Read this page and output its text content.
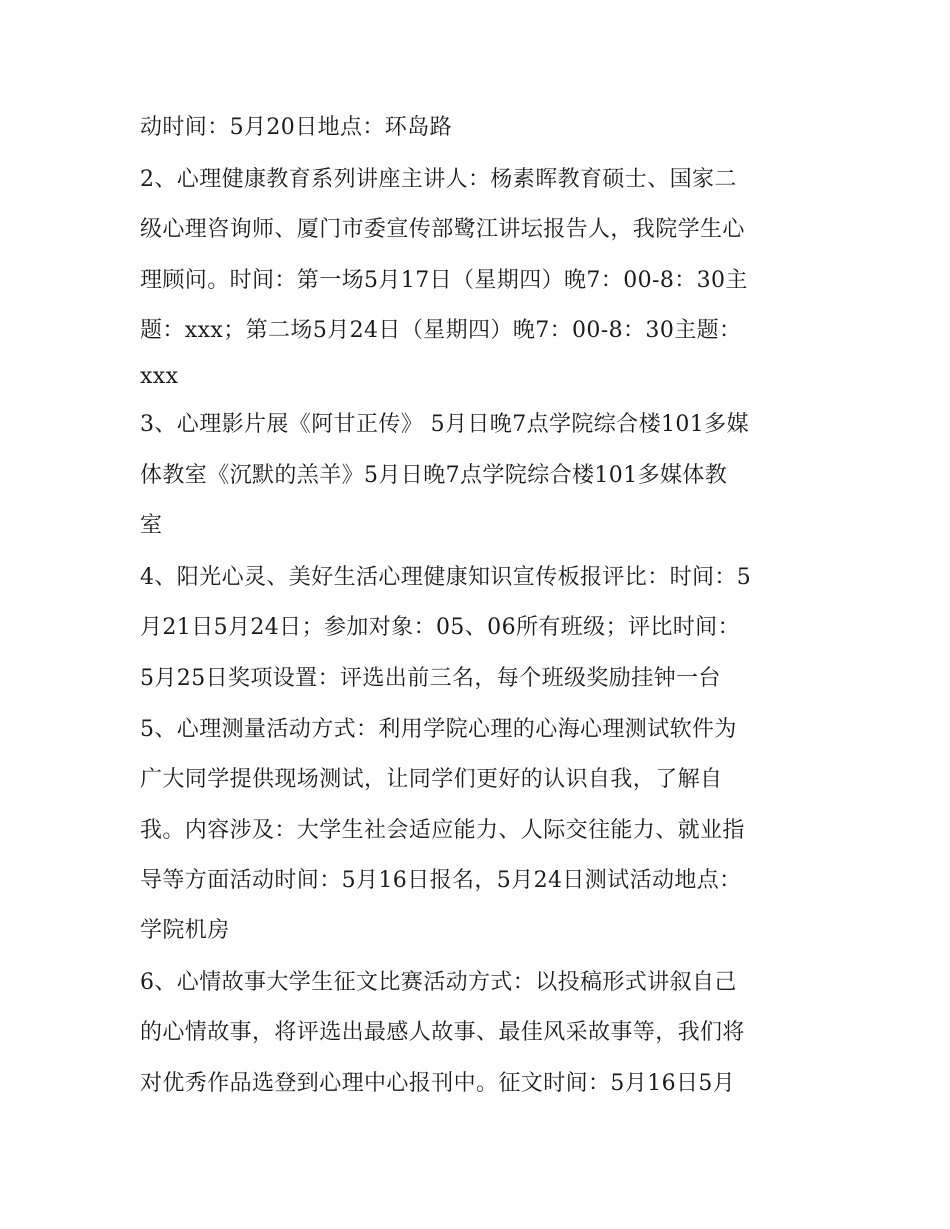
动时间：5月20日地点：环岛路

2、心理健康教育系列讲座主讲人：杨素晖教育硕士、国家二

级心理咨询师、厦门市委宣传部鹭江讲坛报告人，我院学生心

理顾问。时间：第一场5月17日（星期四）晚7：00-8：30主

题：xxx；第二场5月24日（星期四）晚7：00-8：30主题：

xxx

3、心理影片展《阿甘正传》 5月日晚7点学院综合楼101多媒

体教室《沉默的羔羊》5月日晚7点学院综合楼101多媒体教

室

4、阳光心灵、美好生活心理健康知识宣传板报评比：时间：5

月21日5月24日；参加对象：05、06所有班级；评比时间：

5月25日奖项设置：评选出前三名，每个班级奖励挂钟一台

5、心理测量活动方式：利用学院心理的心海心理测试软件为

广大同学提供现场测试，让同学们更好的认识自我，了解自

我。内容涉及：大学生社会适应能力、人际交往能力、就业指

导等方面活动时间：5月16日报名，5月24日测试活动地点：

学院机房

6、心情故事大学生征文比赛活动方式：以投稿形式讲叙自己

的心情故事，将评选出最感人故事、最佳风采故事等，我们将

对优秀作品选登到心理中心报刊中。征文时间：5月16日5月
